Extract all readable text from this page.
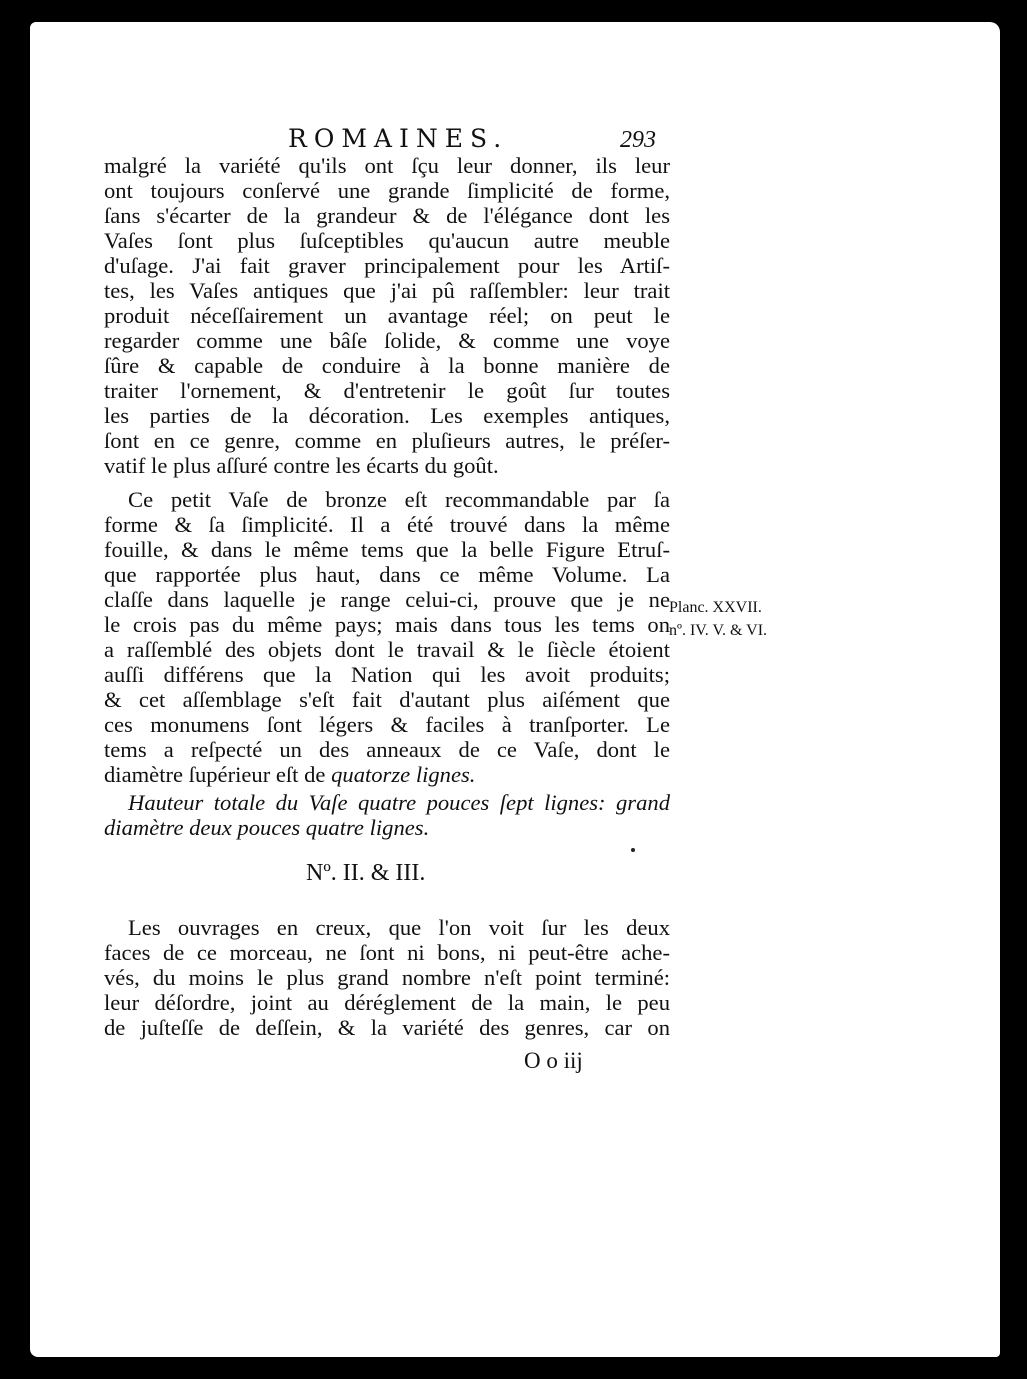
ROMAINES.	293
malgré la variété qu'ils ont ſçu leur donner, ils leur
ont toujours conſervé une grande ſimplicité de forme,
ſans s'écarter de la grandeur & de l'élégance dont les
Vaſes ſont plus ſuſceptibles qu'aucun autre meuble
d'uſage. J'ai fait graver principalement pour les Artiſ-
tes, les Vaſes antiques que j'ai pû raſſembler: leur trait
produit néceſſairement un avantage réel; on peut le
regarder comme une bâſe ſolide, & comme une voye
ſûre & capable de conduire à la bonne manière de
traiter l'ornement, & d'entretenir le goût ſur toutes
les parties de la décoration. Les exemples antiques,
ſont en ce genre, comme en pluſieurs autres, le préſer-
vatif le plus aſſuré contre les écarts du goût.
Ce petit Vaſe de bronze eſt recommandable par ſa
forme & ſa ſimplicité. Il a été trouvé dans la même
fouille, & dans le même tems que la belle Figure Etruſ-
que rapportée plus haut, dans ce même Volume. La
claſſe dans laquelle je range celui-ci, prouve que je ne
le crois pas du même pays; mais dans tous les tems on
a raſſemblé des objets dont le travail & le ſiècle étoient
auſſi différens que la Nation qui les avoit produits;
& cet aſſemblage s'eſt fait d'autant plus aiſément que
ces monumens ſont légers & faciles à tranſporter. Le
tems a reſpecté un des anneaux de ce Vaſe, dont le
diamètre ſupérieur eſt de quatorze lignes.
Hauteur totale du Vaſe quatre pouces ſept lignes: grand
diamètre deux pouces quatre lignes.
Planc. XXVII.
nº. IV. V. & VI.
Nº. II. & III.
Les ouvrages en creux, que l'on voit ſur les deux
faces de ce morceau, ne ſont ni bons, ni peut-être ache-
vés, du moins le plus grand nombre n'eſt point terminé:
leur déſordre, joint au déréglement de la main, le peu
de juſteſſe de deſſein, & la variété des genres, car on
O o iij
